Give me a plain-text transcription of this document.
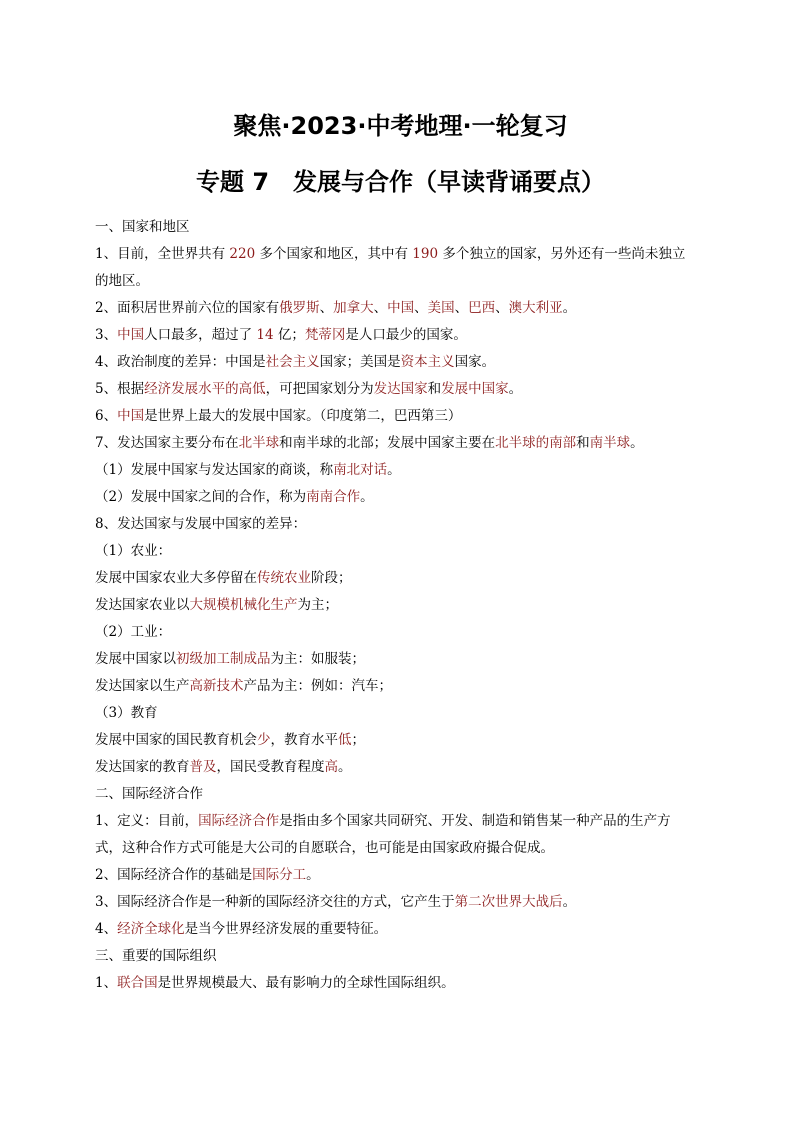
聚焦·2023·中考地理·一轮复习
专题 7　发展与合作（早读背诵要点）
一、国家和地区
1、目前，全世界共有 220 多个国家和地区，其中有 190 多个独立的国家，另外还有一些尚未独立
的地区。
2、面积居世界前六位的国家有俄罗斯、加拿大、中国、美国、巴西、澳大利亚。
3、中国人口最多，超过了 14 亿；梵蒂冈是人口最少的国家。
4、政治制度的差异：中国是社会主义国家；美国是资本主义国家。
5、根据经济发展水平的高低，可把国家划分为发达国家和发展中国家。
6、中国是世界上最大的发展中国家。（印度第二，巴西第三）
7、发达国家主要分布在北半球和南半球的北部；发展中国家主要在北半球的南部和南半球。
（1）发展中国家与发达国家的商谈，称南北对话。
（2）发展中国家之间的合作，称为南南合作。
8、发达国家与发展中国家的差异：
（1）农业：
发展中国家农业大多停留在传统农业阶段；
发达国家农业以大规模机械化生产为主；
（2）工业：
发展中国家以初级加工制成品为主：如服装；
发达国家以生产高新技术产品为主：例如：汽车；
（3）教育
发展中国家的国民教育机会少，教育水平低；
发达国家的教育普及，国民受教育程度高。
二、国际经济合作
1、定义：目前，国际经济合作是指由多个国家共同研究、开发、制造和销售某一种产品的生产方
式，这种合作方式可能是大公司的自愿联合，也可能是由国家政府撮合促成。
2、国际经济合作的基础是国际分工。
3、国际经济合作是一种新的国际经济交往的方式，它产生于第二次世界大战后。
4、经济全球化是当今世界经济发展的重要特征。
三、重要的国际组织
1、联合国是世界规模最大、最有影响力的全球性国际组织。
